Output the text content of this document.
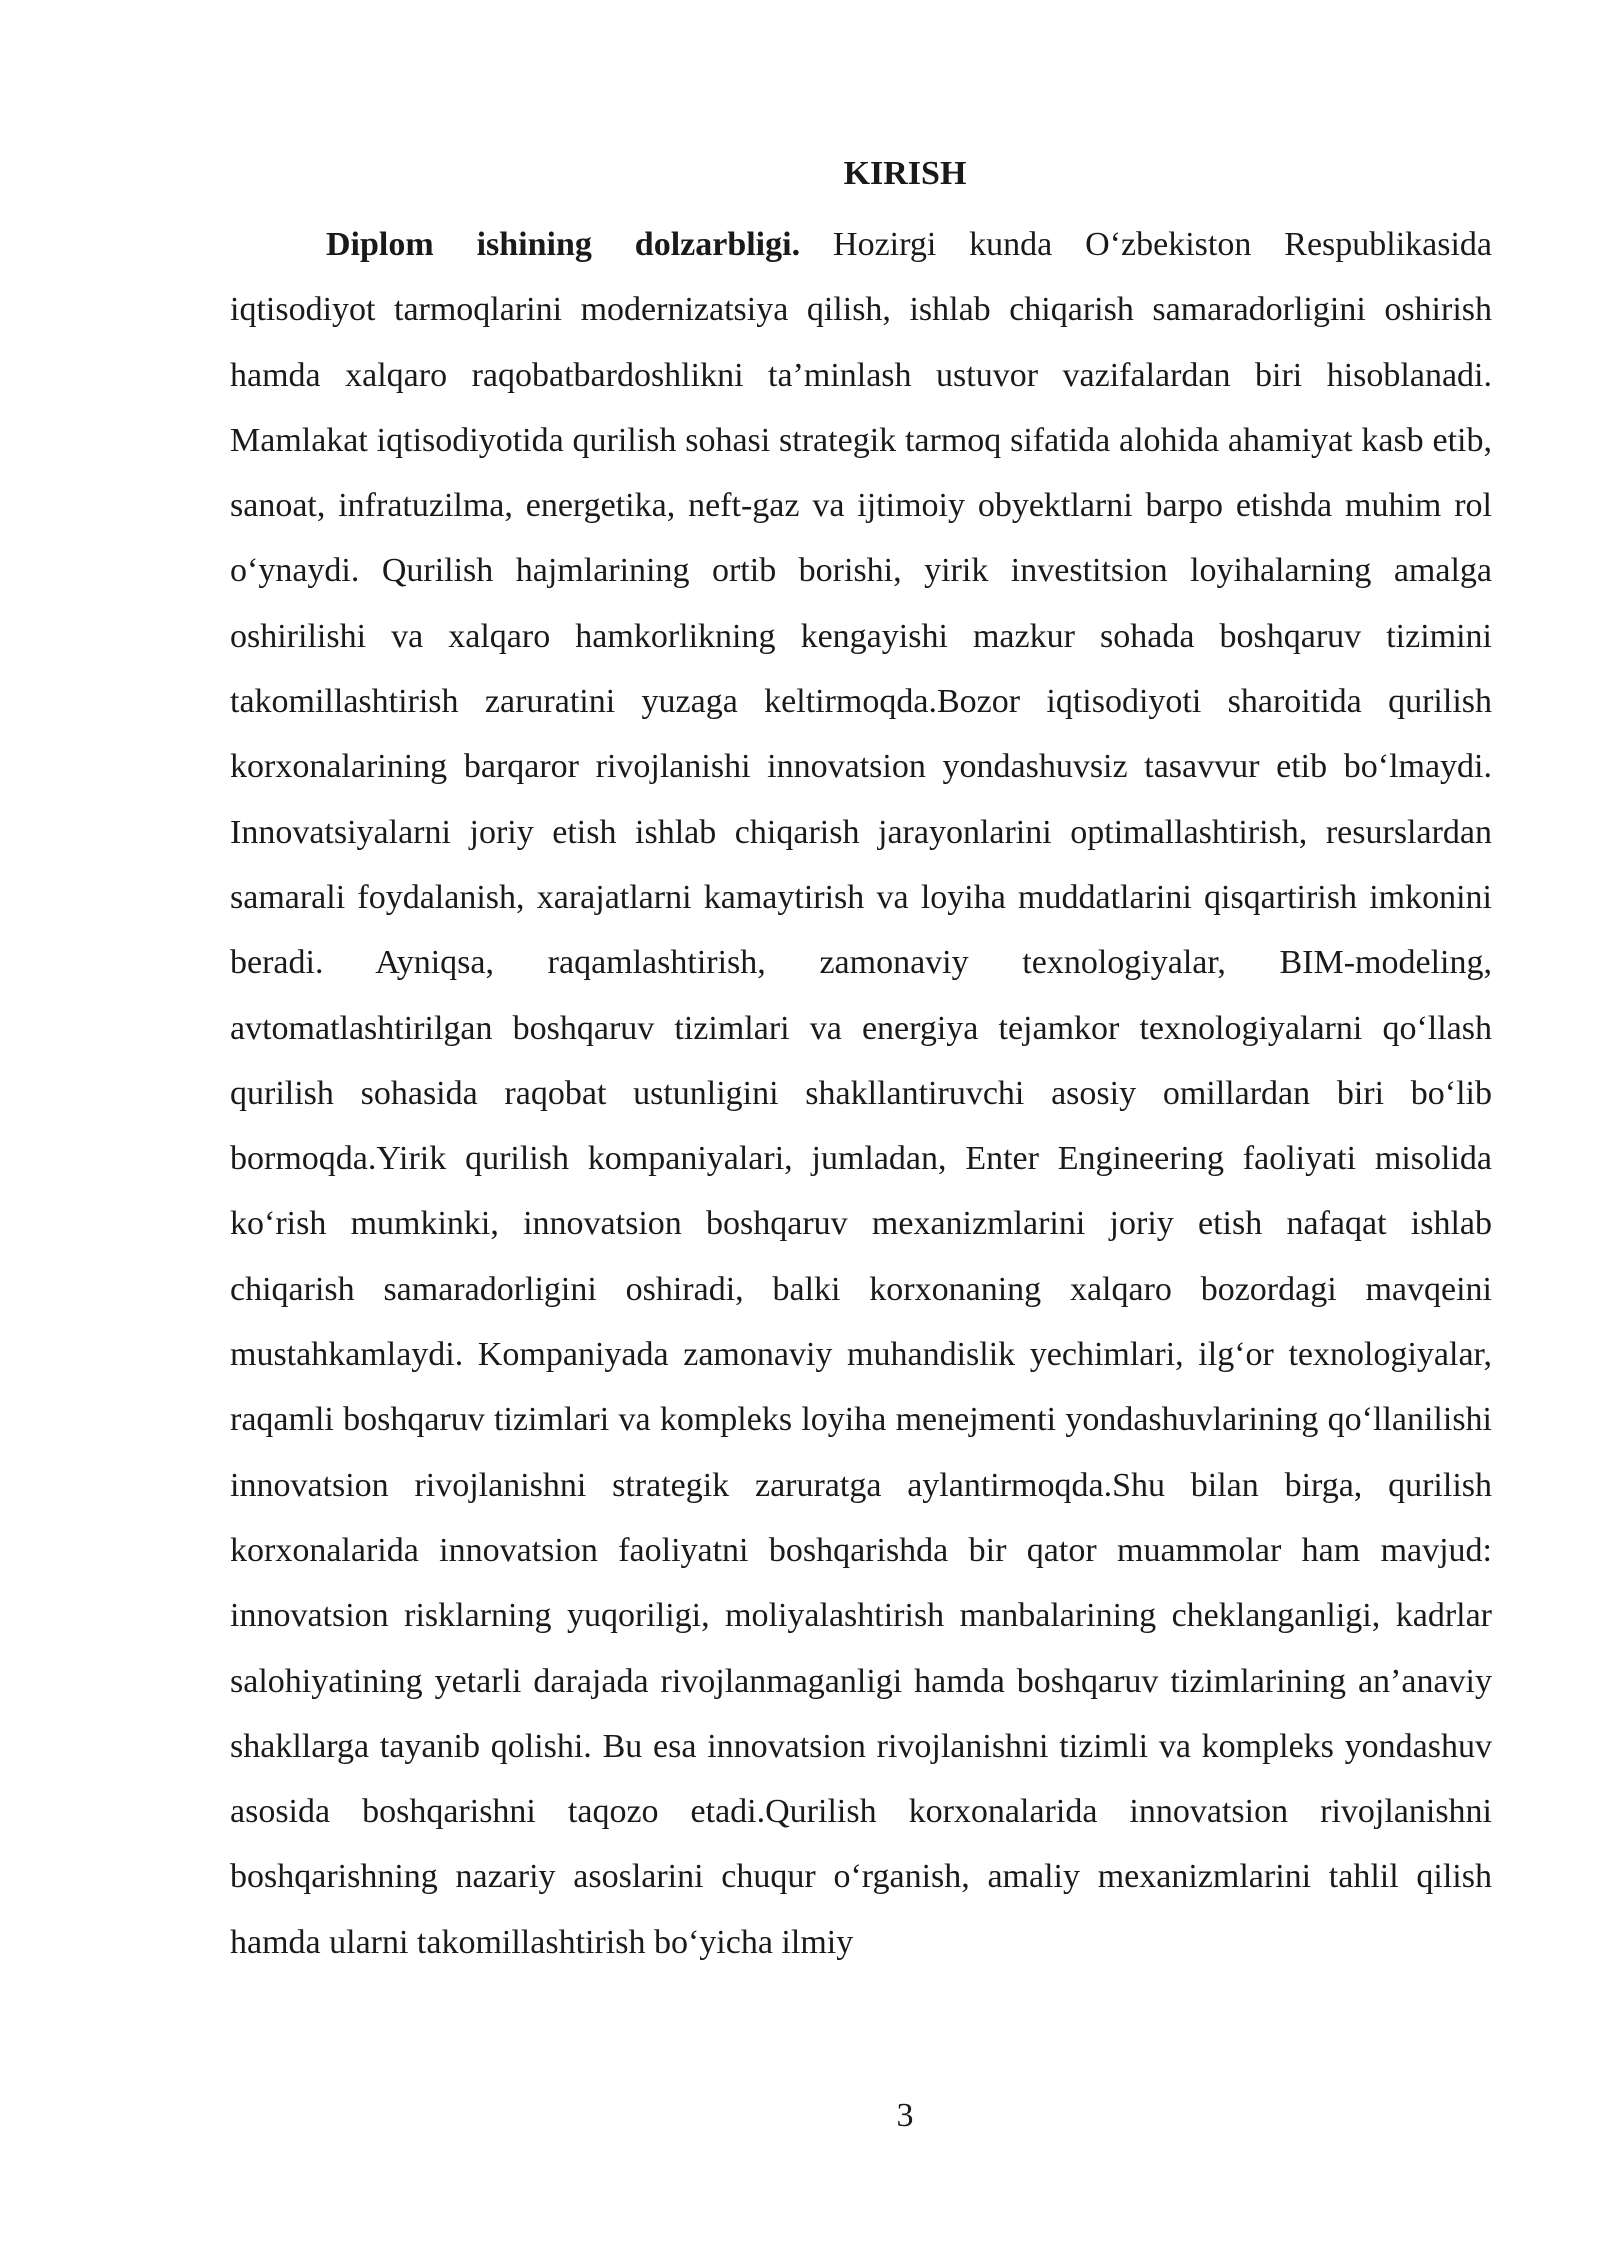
KIRISH

Diplom ishining dolzarbligi. Hozirgi kunda O‘zbekiston Respublikasida iqtisodiyot tarmoqlarini modernizatsiya qilish, ishlab chiqarish samaradorligini oshirish hamda xalqaro raqobatbardoshlikni ta’minlash ustuvor vazifalardan biri hisoblanadi. Mamlakat iqtisodiyotida qurilish sohasi strategik tarmoq sifatida alohida ahamiyat kasb etib, sanoat, infratuzilma, energetika, neft-gaz va ijtimoiy obyektlarni barpo etishda muhim rol o‘ynaydi. Qurilish hajmlarining ortib borishi, yirik investitsion loyihalarning amalga oshirilishi va xalqaro hamkorlikning kengayishi mazkur sohada boshqaruv tizimini takomillashtirish zaruratini yuzaga keltirmoqda.Bozor iqtisodiyoti sharoitida qurilish korxonalarining barqaror rivojlanishi innovatsion yondashuvsiz tasavvur etib bo‘lmaydi. Innovatsiyalarni joriy etish ishlab chiqarish jarayonlarini optimallashtirish, resurslardan samarali foydalanish, xarajatlarni kamaytirish va loyiha muddatlarini qisqartirish imkonini beradi. Ayniqsa, raqamlashtirish, zamonaviy texnologiyalar, BIM-modeling, avtomatlashtirilgan boshqaruv tizimlari va energiya tejamkor texnologiyalarni qo‘llash qurilish sohasida raqobat ustunligini shakllantiruvchi asosiy omillardan biri bo‘lib bormoqda.Yirik qurilish kompaniyalari, jumladan, Enter Engineering faoliyati misolida ko‘rish mumkinki, innovatsion boshqaruv mexanizmlarini joriy etish nafaqat ishlab chiqarish samaradorligini oshiradi, balki korxonaning xalqaro bozordagi mavqeini mustahkamlaydi. Kompaniyada zamonaviy muhandislik yechimlari, ilg‘or texnologiyalar, raqamli boshqaruv tizimlari va kompleks loyiha menejmenti yondashuvlarining qo‘llanilishi innovatsion rivojlanishni strategik zaruratga aylantirmoqda.Shu bilan birga, qurilish korxonalarida innovatsion faoliyatni boshqarishda bir qator muammolar ham mavjud: innovatsion risklarning yuqoriligi, moliyalashtirish manbalarining cheklanganligi, kadrlar salohiyatining yetarli darajada rivojlanmaganligi hamda boshqaruv tizimlarining an’anaviy shakllarga tayanib qolishi. Bu esa innovatsion rivojlanishni tizimli va kompleks yondashuv asosida boshqarishni taqozo etadi.Qurilish korxonalarida innovatsion rivojlanishni boshqarishning nazariy asoslarini chuqur o‘rganish, amaliy mexanizmlarini tahlil qilish hamda ularni takomillashtirish bo‘yicha ilmiy

3
